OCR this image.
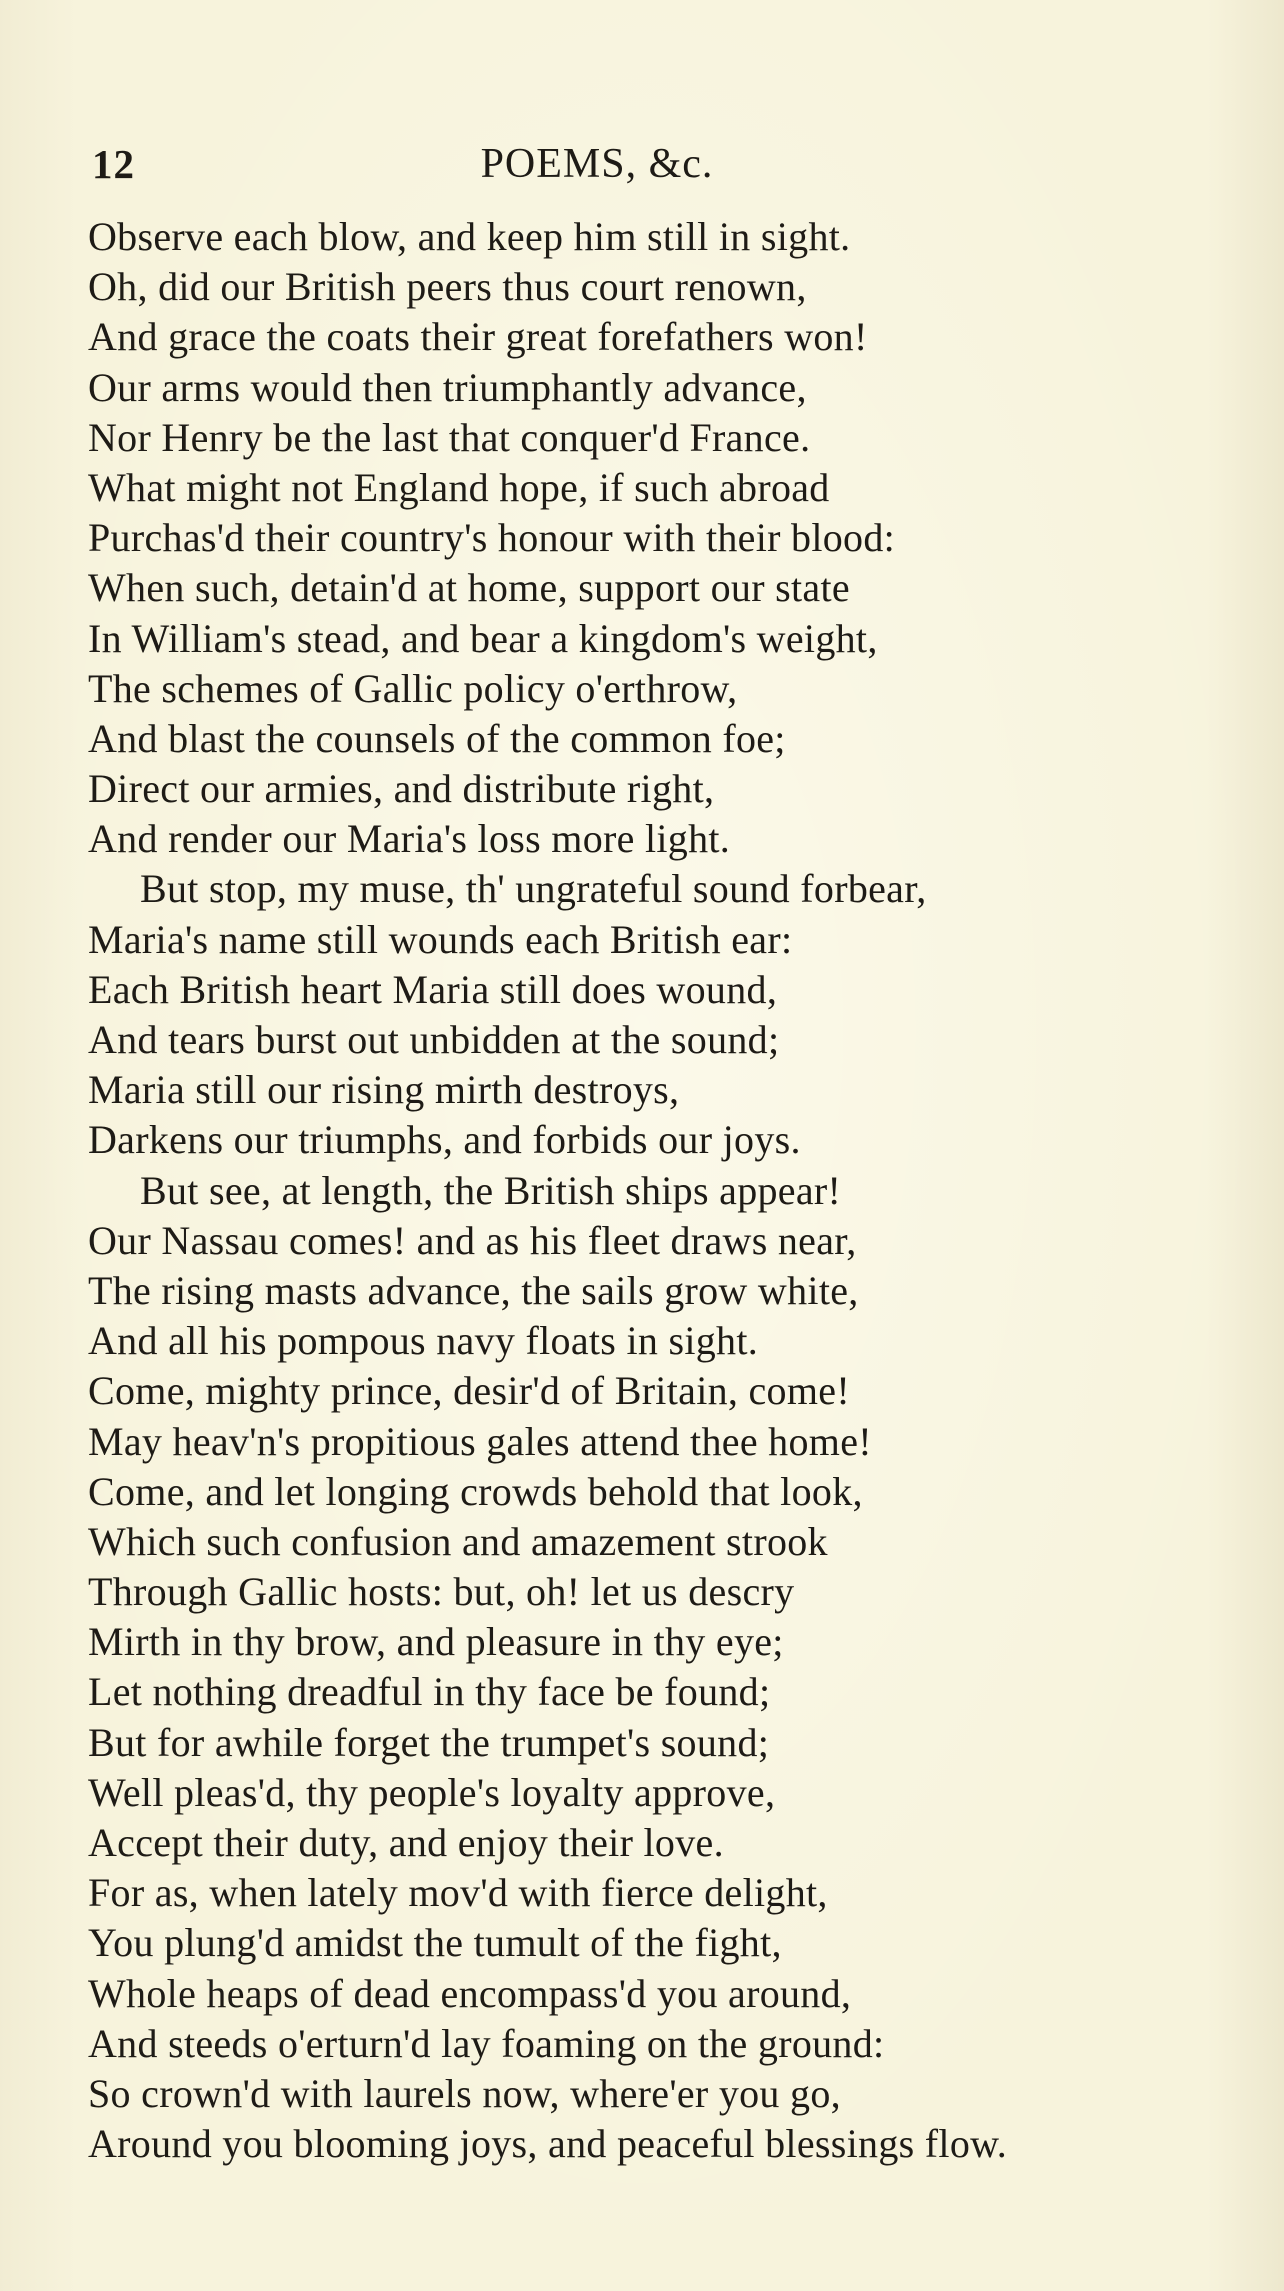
12	POEMS, &c.
Observe each blow, and keep him still in sight.
Oh, did our British peers thus court renown,
And grace the coats their great forefathers won!
Our arms would then triumphantly advance,
Nor Henry be the last that conquer'd France.
What might not England hope, if such abroad
Purchas'd their country's honour with their blood:
When such, detain'd at home, support our state
In William's stead, and bear a kingdom's weight,
The schemes of Gallic policy o'erthrow,
And blast the counsels of the common foe;
Direct our armies, and distribute right,
And render our Maria's loss more light.
But stop, my muse, th' ungrateful sound forbear,
Maria's name still wounds each British ear:
Each British heart Maria still does wound,
And tears burst out unbidden at the sound;
Maria still our rising mirth destroys,
Darkens our triumphs, and forbids our joys.
But see, at length, the British ships appear!
Our Nassau comes! and as his fleet draws near,
The rising masts advance, the sails grow white,
And all his pompous navy floats in sight.
Come, mighty prince, desir'd of Britain, come!
May heav'n's propitious gales attend thee home!
Come, and let longing crowds behold that look,
Which such confusion and amazement strook
Through Gallic hosts: but, oh! let us descry
Mirth in thy brow, and pleasure in thy eye;
Let nothing dreadful in thy face be found;
But for awhile forget the trumpet's sound;
Well pleas'd, thy people's loyalty approve,
Accept their duty, and enjoy their love.
For as, when lately mov'd with fierce delight,
You plung'd amidst the tumult of the fight,
Whole heaps of dead encompass'd you around,
And steeds o'erturn'd lay foaming on the ground:
So crown'd with laurels now, where'er you go,
Around you blooming joys, and peaceful blessings flow.
